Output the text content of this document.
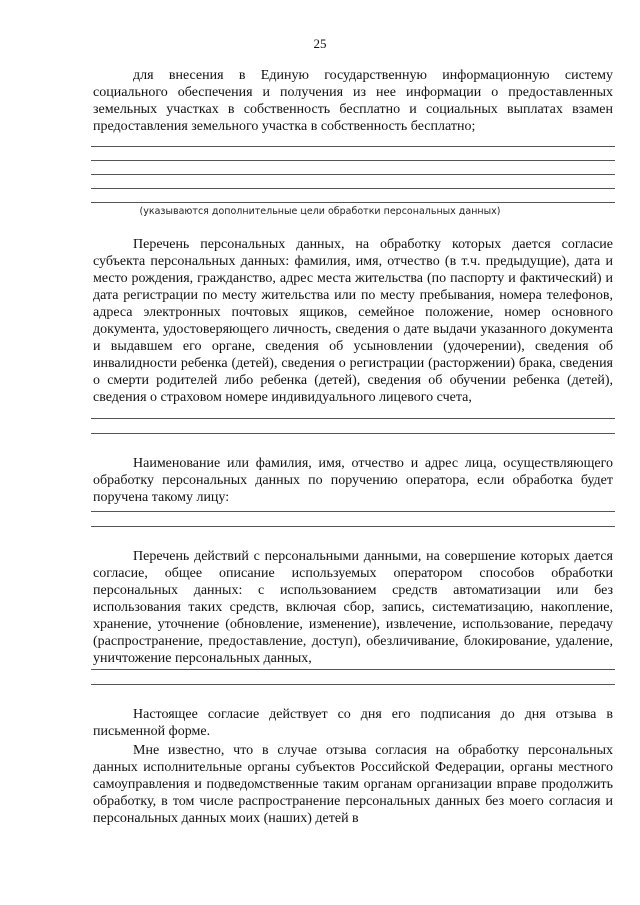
25

для внесения в Единую государственную информационную систему социального обеспечения и получения из нее информации о предоставленных земельных участках в собственность бесплатно и социальных выплатах взамен предоставления земельного участка в собственность бесплатно;

(указываются дополнительные цели обработки персональных данных)

Перечень персональных данных, на обработку которых дается согласие субъекта персональных данных: фамилия, имя, отчество (в т.ч. предыдущие), дата и место рождения, гражданство, адрес места жительства (по паспорту и фактический) и дата регистрации по месту жительства или по месту пребывания, номера телефонов, адреса электронных почтовых ящиков, семейное положение, номер основного документа, удостоверяющего личность, сведения о дате выдачи указанного документа и выдавшем его органе, сведения об усыновлении (удочерении), сведения об инвалидности ребенка (детей), сведения о регистрации (расторжении) брака, сведения о смерти родителей либо ребенка (детей), сведения об обучении ребенка (детей), сведения о страховом номере индивидуального лицевого счета,

Наименование или фамилия, имя, отчество и адрес лица, осуществляющего обработку персональных данных по поручению оператора, если обработка будет поручена такому лицу:

Перечень действий с персональными данными, на совершение которых дается согласие, общее описание используемых оператором способов обработки персональных данных: с использованием средств автоматизации или без использования таких средств, включая сбор, запись, систематизацию, накопление, хранение, уточнение (обновление, изменение), извлечение, использование, передачу (распространение, предоставление, доступ), обезличивание, блокирование, удаление, уничтожение персональных данных,

Настоящее согласие действует со дня его подписания до дня отзыва в письменной форме.

Мне известно, что в случае отзыва согласия на обработку персональных данных исполнительные органы субъектов Российской Федерации, органы местного самоуправления и подведомственные таким органам организации вправе продолжить обработку, в том числе распространение персональных данных без моего согласия и персональных данных моих (наших) детей в
